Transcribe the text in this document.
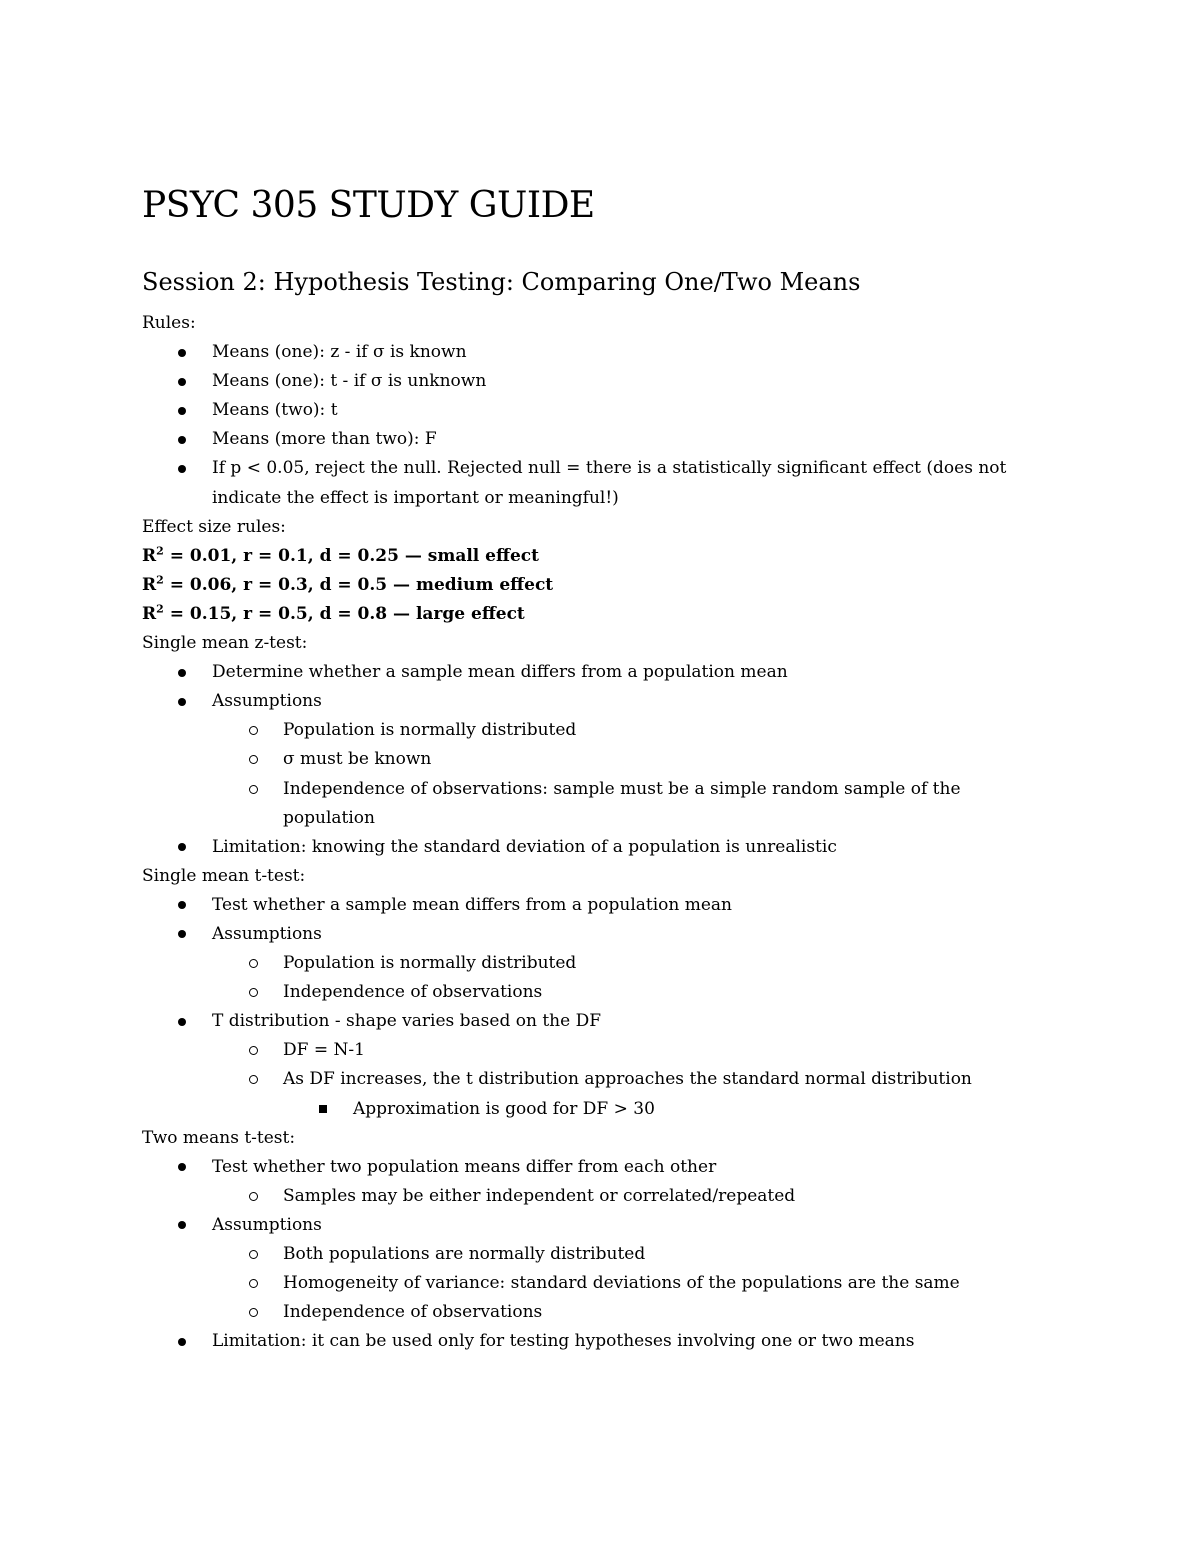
PSYC 305 STUDY GUIDE
Session 2: Hypothesis Testing: Comparing One/Two Means
Rules:
Means (one): z - if σ is known
Means (one): t - if σ is unknown
Means (two): t
Means (more than two): F
If p < 0.05, reject the null. Rejected null = there is a statistically significant effect (does not indicate the effect is important or meaningful!)
Effect size rules:
$R^2 = 0.01$, r = 0.1, d = 0.25 — small effect
$R^2 = 0.06$, r = 0.3, d = 0.5 — medium effect
$R^2 = 0.15$, r = 0.5, d = 0.8 — large effect
Single mean z-test:
Determine whether a sample mean differs from a population mean
Assumptions
Population is normally distributed
σ must be known
Independence of observations: sample must be a simple random sample of the
population
Limitation: knowing the standard deviation of a population is unrealistic
Single mean t-test:
Test whether a sample mean differs from a population mean
Assumptions
Population is normally distributed
Independence of observations
T distribution - shape varies based on the DF
DF = N-1
As DF increases, the t distribution approaches the standard normal distribution
Approximation is good for DF > 30
Two means t-test:
Test whether two population means differ from each other
Samples may be either independent or correlated/repeated
Assumptions
Both populations are normally distributed
Homogeneity of variance: standard deviations of the populations are the same
Independence of observations
Limitation: it can be used only for testing hypotheses involving one or two means
